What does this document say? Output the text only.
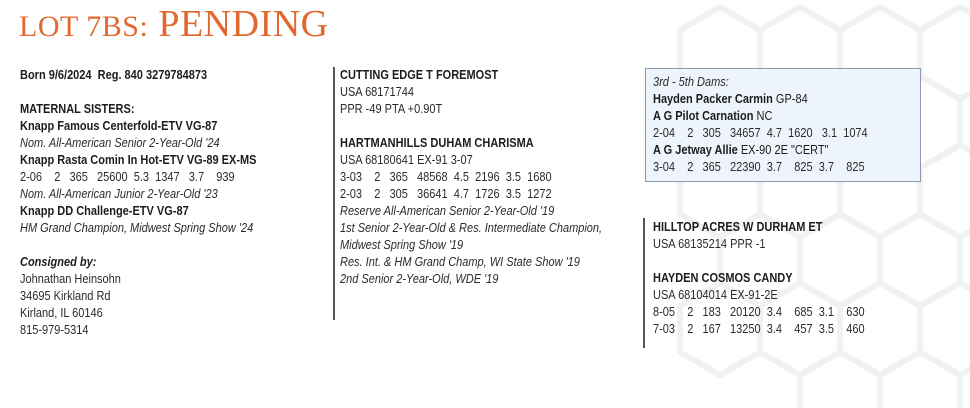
LOT 7BS: PENDING
Born 9/6/2024 Reg. 840 3279784873
MATERNAL SISTERS:
Knapp Famous Centerfold-ETV VG-87
Nom. All-American Senior 2-Year-Old '24
Knapp Rasta Comin In Hot-ETV VG-89 EX-MS
2-06    2   365   25600  5.3  1347   3.7    939
Nom. All-American Junior 2-Year-Old '23
Knapp DD Challenge-ETV VG-87
HM Grand Champion, Midwest Spring Show '24
Consigned by:
Johnathan Heinsohn
34695 Kirkland Rd
Kirland, IL 60146
815-979-5314
CUTTING EDGE T FOREMOST
USA 68171744
PPR -49 PTA +0.90T
HARTMANHILLS DUHAM CHARISMA
USA 68180641 EX-91 3-07
3-03    2   365   48568  4.5  2196  3.5  1680
2-03    2   305   36641  4.7  1726  3.5  1272
Reserve All-American Senior 2-Year-Old '19
1st Senior 2-Year-Old & Res. Intermediate Champion,
Midwest Spring Show '19
Res. Int. & HM Grand Champ, WI State Show '19
2nd Senior 2-Year-Old, WDE '19
3rd - 5th Dams:
Hayden Packer Carmin GP-84
A G Pilot Carnation NC
2-04    2   305   34657  4.7  1620   3.1  1074
A G Jetway Allie EX-90 2E "CERT"
3-04    2   365   22390  3.7    825  3.7    825
HILLTOP ACRES W DURHAM ET
USA 68135214 PPR -1
HAYDEN COSMOS CANDY
USA 68104014 EX-91-2E
8-05    2   183   20120  3.4    685  3.1    630
7-03    2   167   13250  3.4    457  3.5    460
